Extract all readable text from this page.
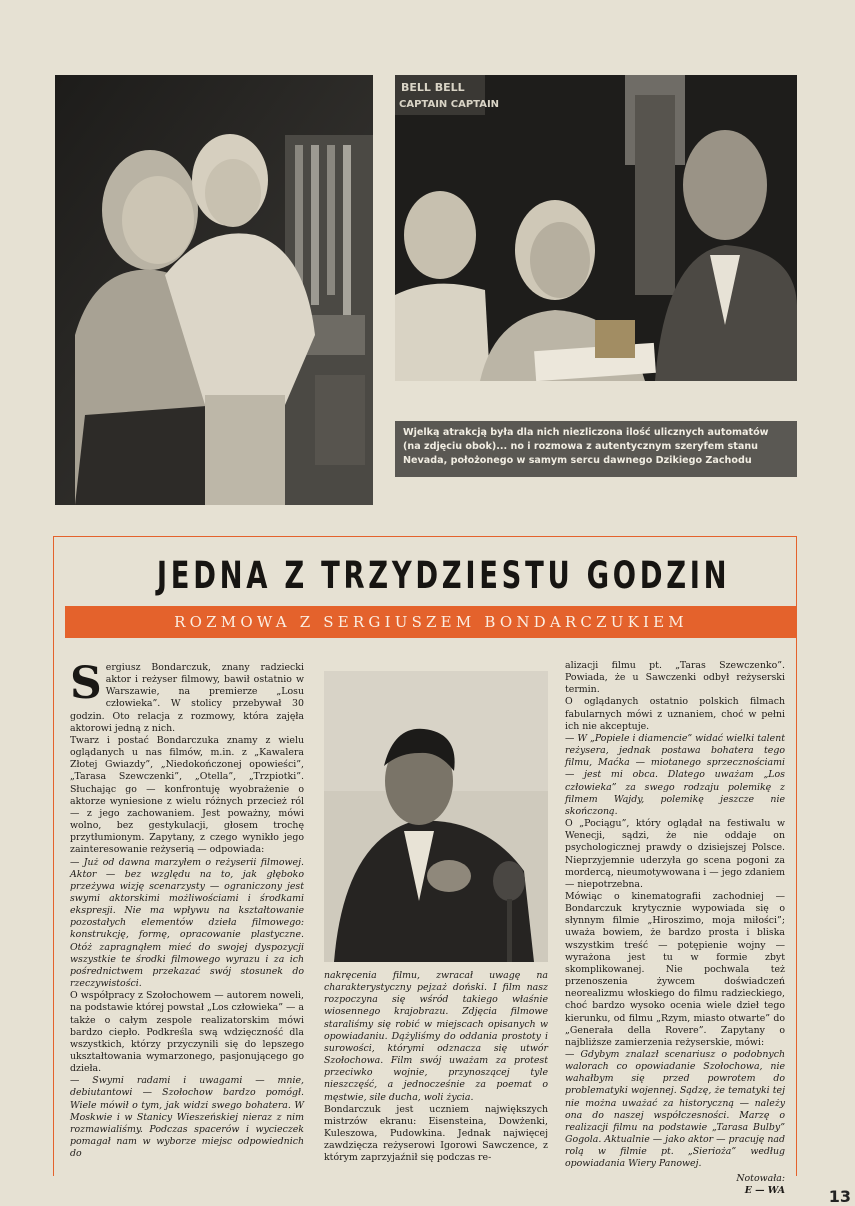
BELL BELL
CAPTAIN CAPTAIN
Wjelką atrakcją była dla nich niezliczona ilość ulicznych automatów
(na zdjęciu obok)... no i rozmowa z autentycznym szeryfem stanu
Nevada, położonego w samym sercu dawnego Dzikiego Zachodu
JEDNA Z TRZYDZIESTU GODZIN
ROZMOWA Z SERGIUSZEM BONDARCZUKIEM
S ergiusz Bondarczuk, znany radziecki aktor i reżyser filmowy, bawił ostatnio w Warszawie, na premierze „Losu człowieka”. W stolicy przebywał 30 godzin. Oto relacja z rozmowy, która zajęła aktorowi jedną z nich.

Twarz i postać Bondarczuka znamy z wielu oglądanych u nas filmów, m.in. z „Kawalera Złotej Gwiazdy”, „Niedokończonej opowieści”, „Tarasa Szewczenki”, „Otella”, „Trzpiotki”. Słuchając go — konfrontuję wyobrażenie o aktorze wyniesione z wielu różnych przecież ról — z jego zachowaniem. Jest poważny, mówi wolno, bez gestykulacji, głosem trochę przytłumionym. Zapytany, z czego wynikło jego zainteresowanie reżyserią — odpowiada:

— Już od dawna marzyłem o reżyserii filmowej. Aktor — bez względu na to, jak głęboko przeżywa wizję scenarzysty — ograniczony jest swymi aktorskimi możliwościami i środkami ekspresji. Nie ma wpływu na kształtowanie pozostałych elementów dzieła filmowego: konstrukcję, formę, opracowanie plastyczne. Otóż zapragnąłem mieć do swojej dyspozycji wszystkie te środki filmowego wyrazu i za ich pośrednictwem przekazać swój stosunek do rzeczywistości.

O współpracy z Szołochowem — autorem noweli, na podstawie której powstał „Los człowieka” — a także o całym zespole realizatorskim mówi bardzo ciepło. Podkreśla swą wdzięczność dla wszystkich, którzy przyczynili się do lepszego ukształtowania wymarzonego, pasjonującego go dzieła.

— Swymi radami i uwagami — mnie, debiutantowi — Szołochow bardzo pomógł. Wiele mówił o tym, jak widzi swego bohatera. W Moskwie i w Stanicy Wieszeńskiej nieraz z nim rozmawialiśmy. Podczas spacerów i wycieczek pomagał nam w wyborze miejsc odpowiednich do

nakręcenia filmu, zwracał uwagę na charakterystyczny pejzaż doński. I film nasz rozpoczyna się wśród takiego właśnie wiosennego krajobrazu. Zdjęcia filmowe staraliśmy się robić w miejscach opisanych w opowiadaniu. Dążyliśmy do oddania prostoty i surowości, którymi odznacza się utwór Szołochowa. Film swój uważam za protest przeciwko wojnie, przynoszącej tyle nieszczęść, a jednocześnie za poemat o męstwie, sile ducha, woli życia.

Bondarczuk jest uczniem największych mistrzów ekranu: Eisensteina, Dowżenki, Kuleszowa, Pudowkina. Jednak najwięcej zawdzięcza reżyserowi Igorowi Sawczence, z którym zaprzyjaźnił się podczas re-

alizacji filmu pt. „Taras Szewczenko”. Powiada, że u Sawczenki odbył reżyserski termin.

O oglądanych ostatnio polskich filmach fabularnych mówi z uznaniem, choć w pełni ich nie akceptuje.

— W „Popiele i diamencie” widać wielki talent reżysera, jednak postawa bohatera tego filmu, Maćka — miotanego sprzecznościami — jest mi obca. Dlatego uważam „Los człowieka” za swego rodzaju polemikę z filmem Wajdy, polemikę jeszcze nie skończoną.

O „Pociągu”, który oglądał na festiwalu w Wenecji, sądzi, że nie oddaje on psychologicznej prawdy o dzisiejszej Polsce. Nieprzyjemnie uderzyła go scena pogoni za mordercą, nieumotywowana i — jego zdaniem — niepotrzebna.

Mówiąc o kinematografii zachodniej — Bondarczuk krytycznie wypowiada się o słynnym filmie „Hiroszimo, moja miłości”; uważa bowiem, że bardzo prosta i bliska wszystkim treść — potępienie wojny — wyrażona jest tu w formie zbyt skomplikowanej. Nie pochwala też przenoszenia żywcem doświadczeń neorealizmu włoskiego do filmu radzieckiego, choć bardzo wysoko ocenia wiele dzieł tego kierunku, od filmu „Rzym, miasto otwarte” do „Generała della Rovere”. Zapytany o najbliższe zamierzenia reżyserskie, mówi:

— Gdybym znalazł scenariusz o podobnych walorach co opowiadanie Szołochowa, nie wahałbym się przed powrotem do problematyki wojennej. Sądzę, że tematyki tej nie można uważać za historyczną — należy ona do naszej współczesności. Marzę o realizacji filmu na podstawie „Tarasa Bulby” Gogola. Aktualnie — jako aktor — pracuję nad rolą w filmie pt. „Sierioża” według opowiadania Wiery Panowej.

Notowała:
E — WA	13
